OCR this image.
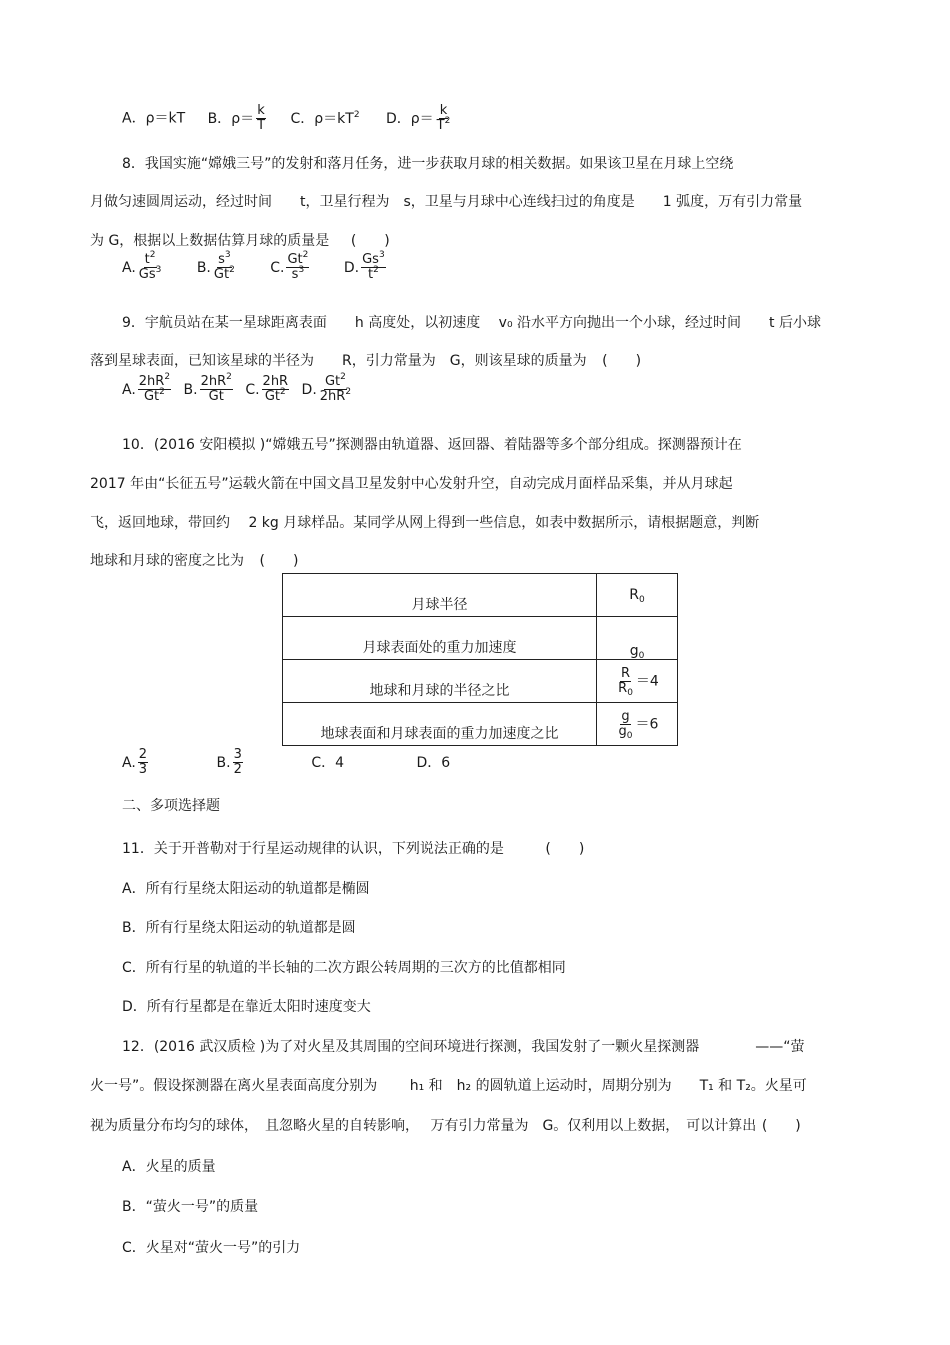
A．ρ＝kT B．$\rho= \frac{k}{T}$ C．$\rho=kT^2$ D．$\rho= \frac{k}{T^2}$
8．我国实施“嫦娥三号”的发射和落月任务，进一步获取月球的相关数据。如果该卫星在月球上空绕
月做匀速圆周运动，经过时间　　t，卫星行程为　s，卫星与月球中心连线扫过的角度是　　1 弧度，万有引力常量
为 G，根据以上数据估算月球的质量是 (　　)
A. $\frac{t^2}{Gs^3} B$. $\frac{s^3}{Gt^2} C$. $\frac{Gt^2}{s^3} D$. $\frac{Gs^3}{t^2}$
9．宇航员站在某一星球距离表面　　h 高度处，以初速度　 v₀ 沿水平方向抛出一个小球，经过时间　　t 后小球
落到星球表面，已知该星球的半径为　　R，引力常量为　G，则该星球的质量为 (　　)
A. $\frac{2hR^2}{Gt^2} B$. $\frac{2hR^2}{Gt} C$. $\frac{2hR}{Gt^2} D$. $\frac{Gt^2}{2hR^2}$
10．(2016 安阳模拟 )“嫦娥五号”探测器由轨道器、返回器、着陆器等多个部分组成。探测器预计在
2017 年由“长征五号”运载火箭在中国文昌卫星发射中心发射升空，自动完成月面样品采集，并从月球起
飞，返回地球，带回约　 2 kg 月球样品。某同学从网上得到一些信息，如表中数据所示，请根据题意，判断
地球和月球的密度之比为 (　　)
月球半径	$R_0$
月球表面处的重力加速度	$g_0$
地球和月球的半径之比	$\frac{R}{R_0} =4$
地球表面和月球表面的重力加速度之比	$\frac{g}{g_0} =6$
A. $\frac{2}{3}$	B. $\frac{3}{2}$	C．4	D．6
二、多项选择题
11．关于开普勒对于行星运动规律的认识，下列说法正确的是	(　　)
A．所有行星绕太阳运动的轨道都是椭圆
B．所有行星绕太阳运动的轨道都是圆
C．所有行星的轨道的半长轴的二次方跟公转周期的三次方的比值都相同
D．所有行星都是在靠近太阳时速度变大
12．(2016 武汉质检 )为了对火星及其周围的空间环境进行探测，我国发射了一颗火星探测器　　　　——“萤
火一号”。假设探测器在离火星表面高度分别为　　 h₁ 和　h₂ 的圆轨道上运动时，周期分别为　　T₁ 和 T₂。火星可
视为质量分布均匀的球体，　且忽略火星的自转影响，　 万有引力常量为　G。仅利用以上数据，　可以计算出 (　　)
A．火星的质量
B．“萤火一号”的质量
C．火星对“萤火一号”的引力
